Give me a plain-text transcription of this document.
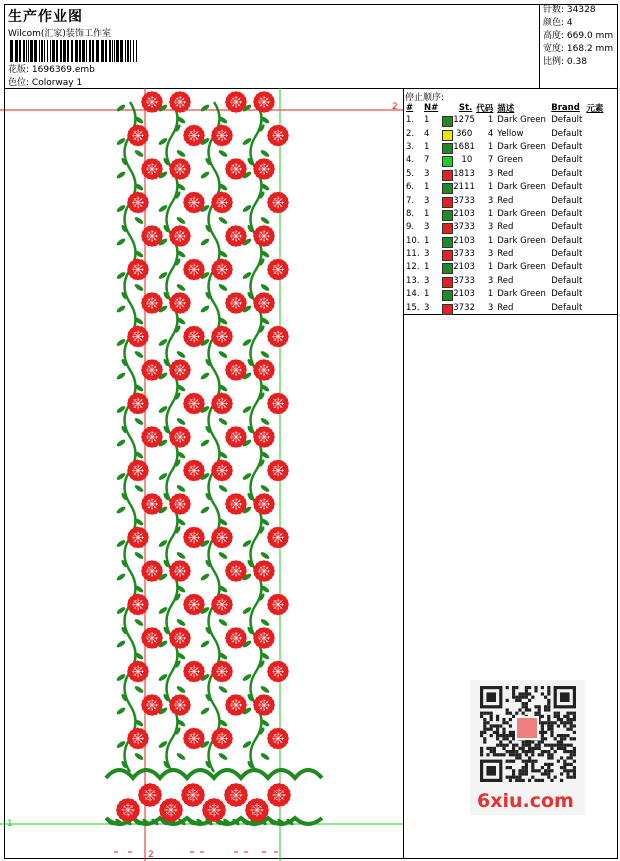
生产作业图
Wilcom(汇家)装饰工作室
花版: 1696369.emb
色位: Colorway 1
针数: 34328
颜色: 4
高度: 669.0 mm
宽度: 168.2 mm
比例: 0.38
停止顺序:
#	N#	St.	代码	描述	Brand	元素
1.	1	1275	1	Dark Green	Default	
2.	4	360	4	Yellow	Default	
3.	1	1681	1	Dark Green	Default	
4.	7	10	7	Green	Default	
5.	3	1813	3	Red	Default	
6.	1	2111	1	Dark Green	Default	
7.	3	3733	3	Red	Default	
8.	1	2103	1	Dark Green	Default	
9.	3	3733	3	Red	Default	
10.	1	2103	1	Dark Green	Default	
11.	3	3733	3	Red	Default	
12.	1	2103	1	Dark Green	Default	
13.	3	3733	3	Red	Default	
14.	1	2103	1	Dark Green	Default	
15.	3	3732	3	Red	Default	
2
1
2
6xiu.com
